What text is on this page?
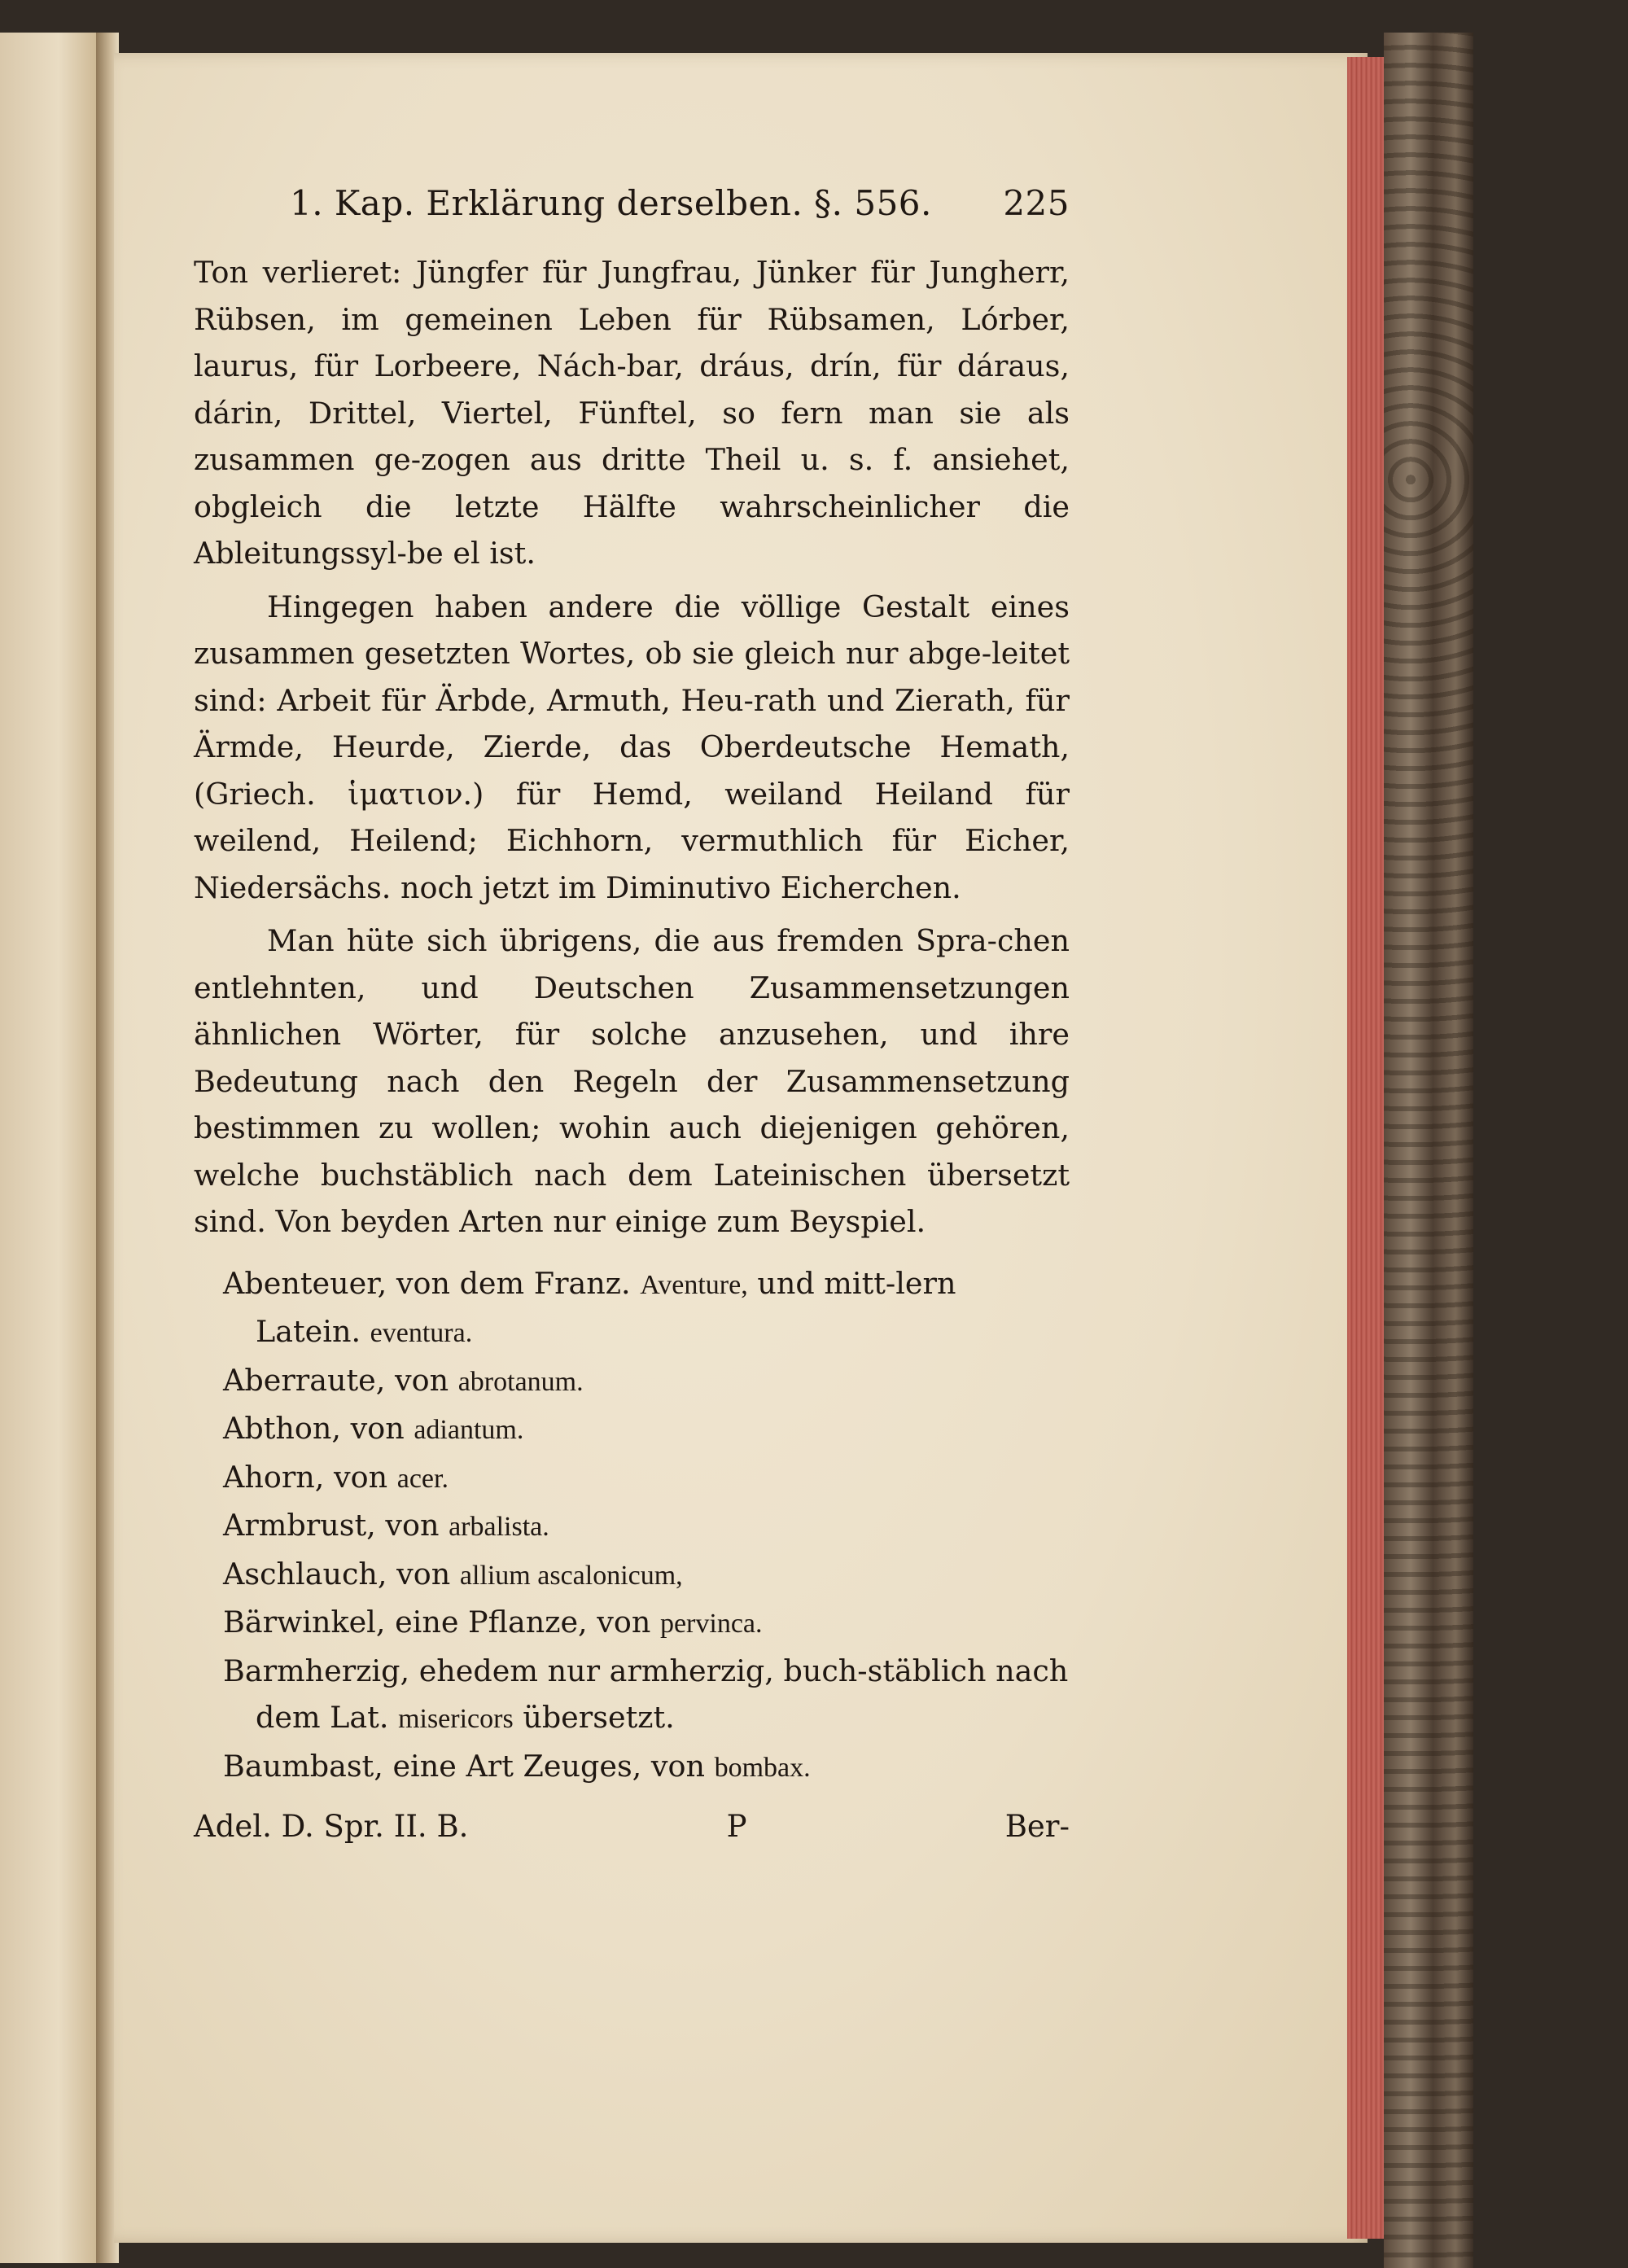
1. Kap. Erklärung derselben. §. 556. 225

Ton verlieret: Jüngfer für Jungfrau, Jünker für Jungherr, Rübsen, im gemeinen Leben für Rübsamen, Lórber, laurus, für Lorbeere, Nách-bar, dráus, drín, für dáraus, dárin, Drittel, Viertel, Fünftel, so fern man sie als zusammen ge-zogen aus dritte Theil u. s. f. ansiehet, obgleich die letzte Hälfte wahrscheinlicher die Ableitungssyl-be el ist.

Hingegen haben andere die völlige Gestalt eines zusammen gesetzten Wortes, ob sie gleich nur abge-leitet sind: Arbeit für Ärbde, Armuth, Heu-rath und Zierath, für Ärmde, Heurde, Zierde, das Oberdeutsche Hemath, (Griech. ἱματιον.) für Hemd, weiland Heiland für weilend, Heilend; Eichhorn, vermuthlich für Eicher, Niedersächs. noch jetzt im Diminutivo Eicherchen.

Man hüte sich übrigens, die aus fremden Spra-chen entlehnten, und Deutschen Zusammensetzungen ähnlichen Wörter, für solche anzusehen, und ihre Bedeutung nach den Regeln der Zusammensetzung bestimmen zu wollen; wohin auch diejenigen gehören, welche buchstäblich nach dem Lateinischen übersetzt sind. Von beyden Arten nur einige zum Beyspiel.

Abenteuer, von dem Franz. Aventure, und mitt-lern Latein. eventura.
Aberraute, von abrotanum.
Abthon, von adiantum.
Ahorn, von acer.
Armbrust, von arbalista.
Aschlauch, von allium ascalonicum,
Bärwinkel, eine Pflanze, von pervinca.
Barmherzig, ehedem nur armherzig, buch-stäblich nach dem Lat. misericors übersetzt.
Baumbast, eine Art Zeuges, von bombax.
Adel. D. Spr. II. B.	P	Ber-
